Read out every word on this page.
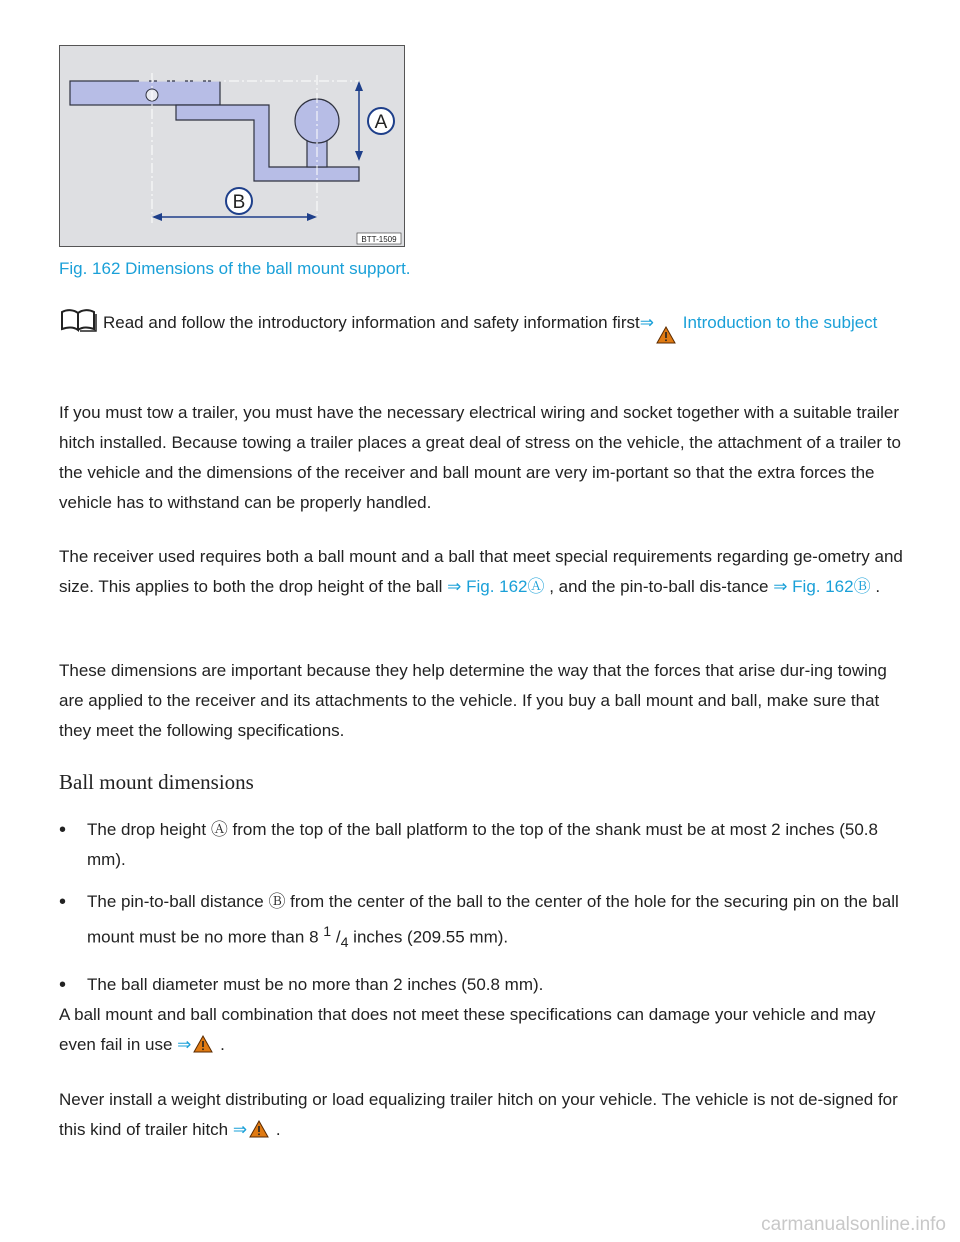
A
B
BTT-1509
Fig. 162 Dimensions of the ball mount support.
Read and follow the introductory information and safety information first⇒ Introduction to the subject

If you must tow a trailer, you must have the necessary electrical wiring and socket together with a suitable trailer hitch installed. Because towing a trailer places a great deal of stress on the vehicle, the attachment of a trailer to the vehicle and the dimensions of the receiver and ball mount are very im-portant so that the extra forces the vehicle has to withstand can be properly handled.

The receiver used requires both a ball mount and a ball that meet special requirements regarding ge-ometry and size. This applies to both the drop height of the ball ⇒ Fig. 162Ⓐ , and the pin-to-ball dis-tance ⇒ Fig. 162Ⓑ .

These dimensions are important because they help determine the way that the forces that arise dur-ing towing are applied to the receiver and its attachments to the vehicle. If you buy a ball mount and ball, make sure that they meet the following specifications.

Ball mount dimensions
• The drop height Ⓐ from the top of the ball platform to the top of the shank must be at most 2 inches (50.8 mm).
• The pin-to-ball distance Ⓑ from the center of the ball to the center of the hole for the securing pin on the ball mount must be no more than 8 $^1$ $/_4$ inches (209.55 mm).
• The ball diameter must be no more than 2 inches (50.8 mm).

A ball mount and ball combination that does not meet these specifications can damage your vehicle and may even fail in use ⇒ .

Never install a weight distributing or load equalizing trailer hitch on your vehicle. The vehicle is not de-signed for this kind of trailer hitch ⇒ .

carmanualsonline.info
